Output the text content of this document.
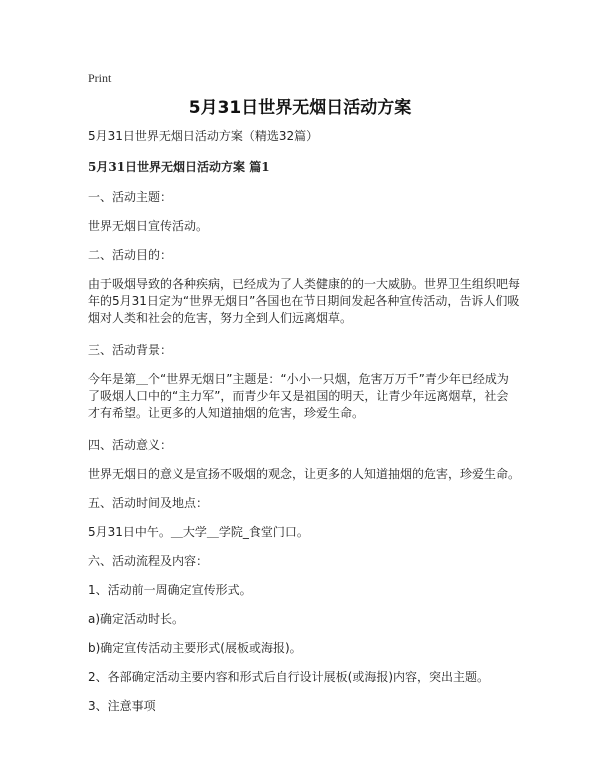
Print
5月31日世界无烟日活动方案

5月31日世界无烟日活动方案（精选32篇）

5月31日世界无烟日活动方案 篇1

一、活动主题：

世界无烟日宣传活动。

二、活动目的：

由于吸烟导致的各种疾病，已经成为了人类健康的的一大威胁。世界卫生组织吧每年的5月31日定为“世界无烟日”各国也在节日期间发起各种宣传活动，告诉人们吸烟对人类和社会的危害，努力全到人们远离烟草。

三、活动背景：

今年是第＿个“世界无烟日”主题是：“小小一只烟，危害万万千”青少年已经成为了吸烟人口中的“主力军”，而青少年又是祖国的明天，让青少年远离烟草，社会才有希望。让更多的人知道抽烟的危害，珍爱生命。

四、活动意义：

世界无烟日的意义是宣扬不吸烟的观念，让更多的人知道抽烟的危害，珍爱生命。

五、活动时间及地点：

5月31日中午。＿大学＿学院_食堂门口。

六、活动流程及内容：

1、活动前一周确定宣传形式。

a)确定活动时长。

b)确定宣传活动主要形式(展板或海报)。

2、各部确定活动主要内容和形式后自行设计展板(或海报)内容，突出主题。

3、注意事项
